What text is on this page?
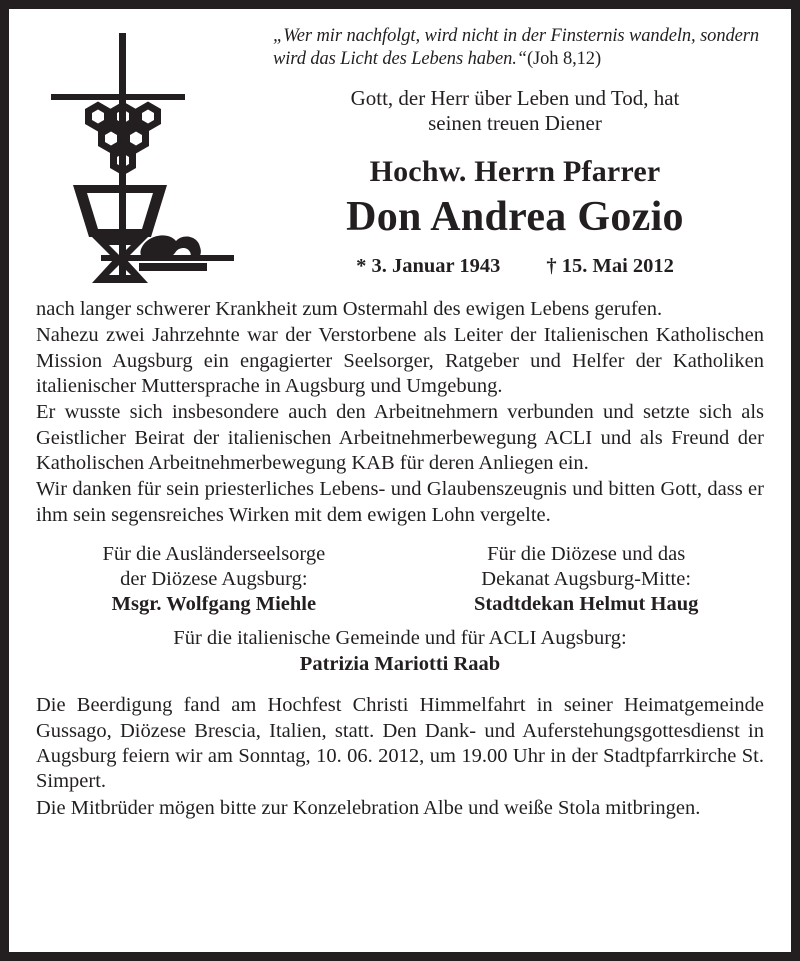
„Wer mir nachfolgt, wird nicht in der Finsternis wandeln, sondern wird das Licht des Lebens haben.“(Joh 8,12)
Gott, der Herr über Leben und Tod, hat
seinen treuen Diener
Hochw. Herrn Pfarrer
Don Andrea Gozio
* 3. Januar 1943 † 15. Mai 2012

nach langer schwerer Krankheit zum Ostermahl des ewigen Lebens gerufen.

Nahezu zwei Jahrzehnte war der Verstorbene als Leiter der Italienischen Katholischen Mission Augsburg ein engagierter Seelsorger, Ratgeber und Helfer der Katholiken italienischer Muttersprache in Augsburg und Umgebung.

Er wusste sich insbesondere auch den Arbeitnehmern verbunden und setzte sich als Geistlicher Beirat der italienischen Arbeitnehmerbewegung ACLI und als Freund der Katholischen Arbeitnehmerbewegung KAB für deren Anliegen ein.

Wir danken für sein priesterliches Lebens- und Glaubenszeugnis und bitten Gott, dass er ihm sein segensreiches Wirken mit dem ewigen Lohn vergelte.

Für die Ausländerseelsorge
der Diözese Augsburg:
Msgr. Wolfgang Miehle
Für die Diözese und das
Dekanat Augsburg-Mitte:
Stadtdekan Helmut Haug
Für die italienische Gemeinde und für ACLI Augsburg:
Patrizia Mariotti Raab

Die Beerdigung fand am Hochfest Christi Himmelfahrt in seiner Heimatgemeinde Gussago, Diözese Brescia, Italien, statt. Den Dank- und Auferstehungsgottesdienst in Augsburg feiern wir am Sonntag, 10. 06. 2012, um 19.00 Uhr in der Stadtpfarrkirche St. Simpert.

Die Mitbrüder mögen bitte zur Konzelebration Albe und weiße Stola mitbringen.
